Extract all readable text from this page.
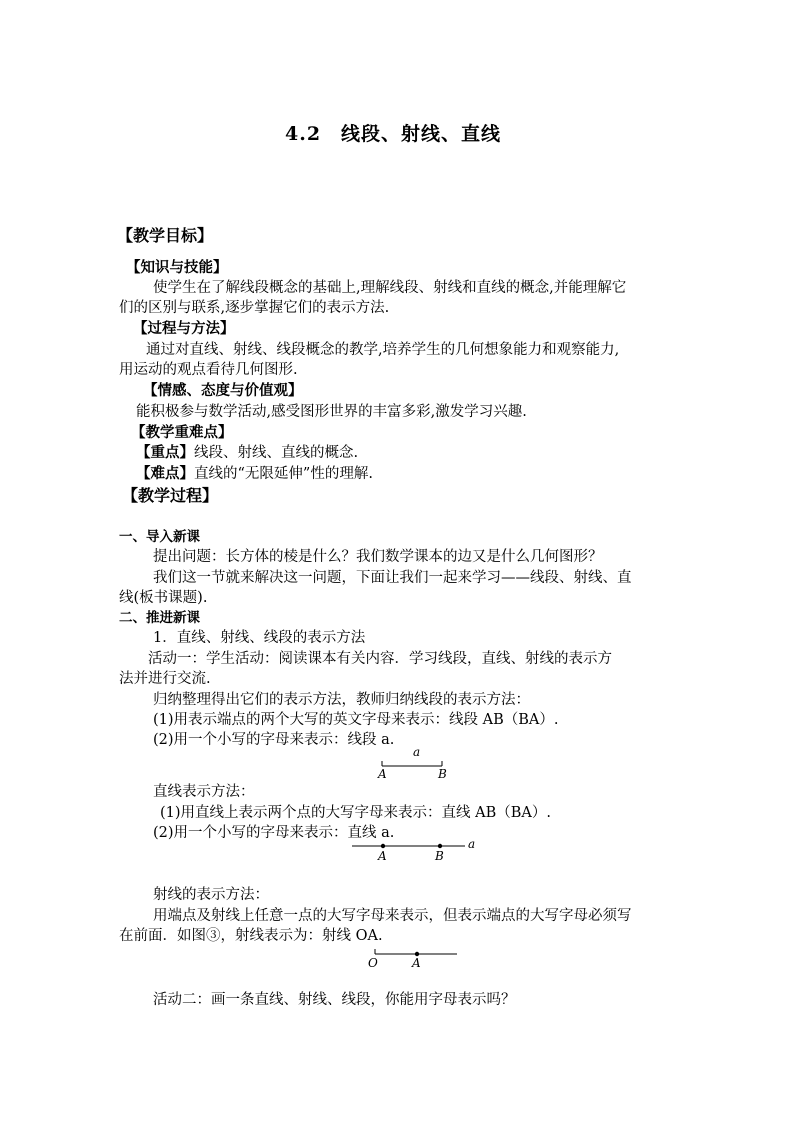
4.2　线段、射线、直线
【教学目标】
【知识与技能】
使学生在了解线段概念的基础上,理解线段、射线和直线的概念,并能理解它
们的区别与联系,逐步掌握它们的表示方法.
【过程与方法】
通过对直线、射线、线段概念的教学,培养学生的几何想象能力和观察能力,
用运动的观点看待几何图形.
【情感、态度与价值观】
能积极参与数学活动,感受图形世界的丰富多彩,激发学习兴趣.
【教学重难点】
【重点】线段、射线、直线的概念.
【难点】直线的“无限延伸”性的理解.
【教学过程】
一、导入新课
提出问题：长方体的棱是什么？我们数学课本的边又是什么几何图形？
我们这一节就来解决这一问题，下面让我们一起来学习——线段、射线、直
线(板书课题).
二、推进新课
1．直线、射线、线段的表示方法
活动一：学生活动：阅读课本有关内容．学习线段，直线、射线的表示方
法并进行交流.
归纳整理得出它们的表示方法，教师归纳线段的表示方法：
(1)用表示端点的两个大写的英文字母来表示：线段 AB（BA）.
(2)用一个小写的字母来表示：线段 a.
a
A	B
直线表示方法：
(1)用直线上表示两个点的大写字母来表示：直线 AB（BA）.
(2)用一个小写的字母来表示：直线 a.
A	B
a
射线的表示方法：
用端点及射线上任意一点的大写字母来表示，但表示端点的大写字母必须写
在前面．如图③，射线表示为：射线 OA.
O	A
活动二：画一条直线、射线、线段，你能用字母表示吗？
